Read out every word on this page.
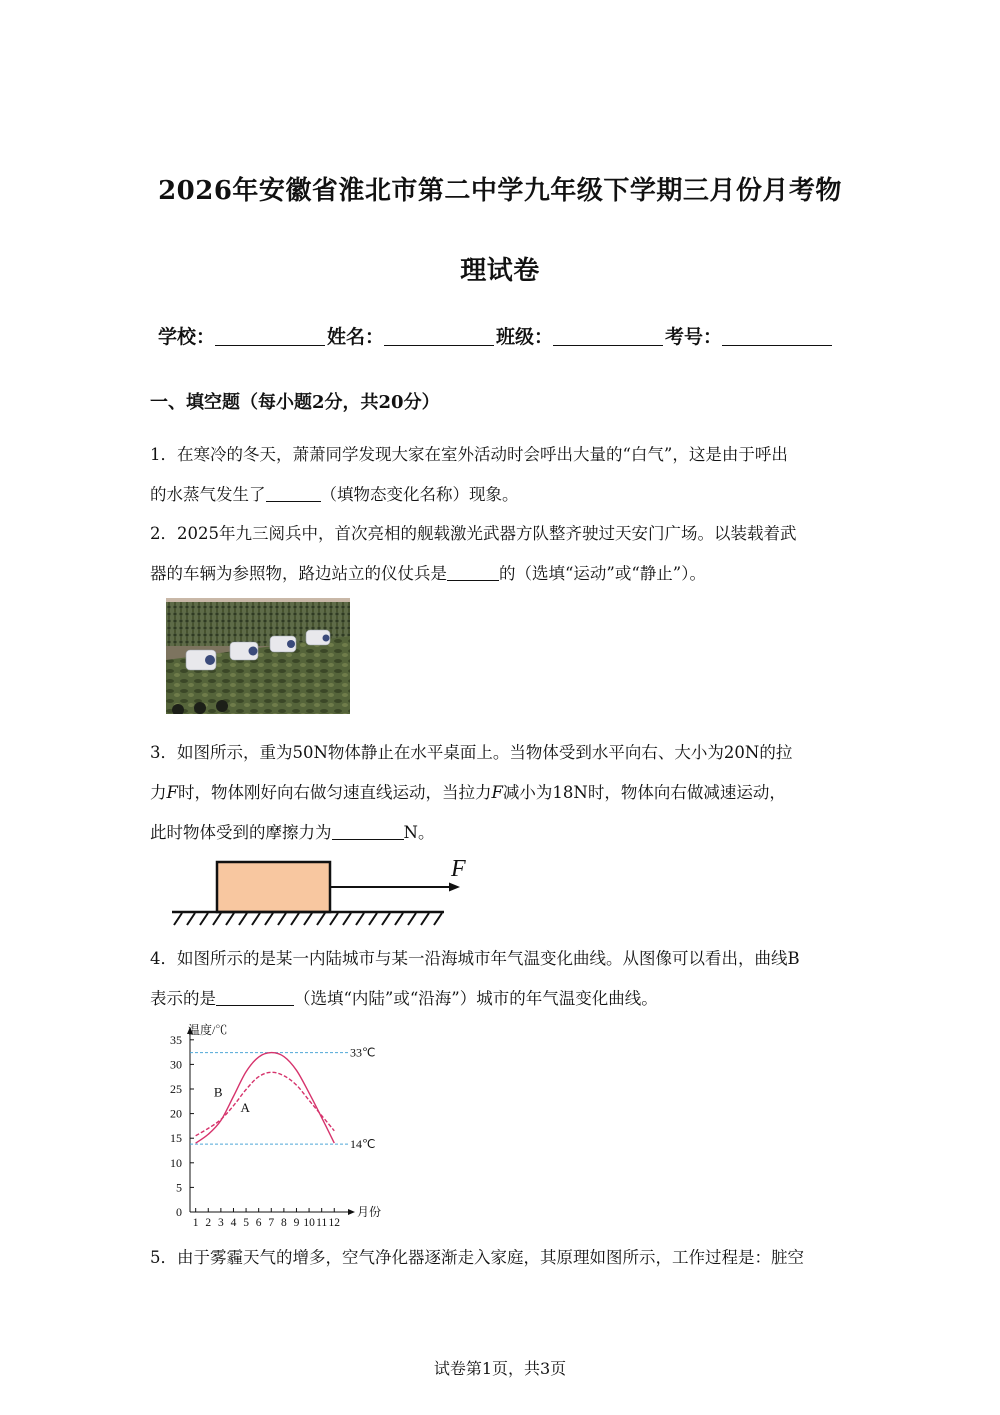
2026年安徽省淮北市第二中学九年级下学期三月份月考物
理试卷
学校：	姓名：	班级：	考号：
一、填空题（每小题2分，共20分）
1．在寒冷的冬天，萧萧同学发现大家在室外活动时会呼出大量的“白气”，这是由于呼出
的水蒸气发生了	（填物态变化名称）现象。
2．2025年九三阅兵中，首次亮相的舰载激光武器方队整齐驶过天安门广场。以装载着武
器的车辆为参照物，路边站立的仪仗兵是	的（选填“运动”或“静止”）。
3．如图所示，重为50N物体静止在水平桌面上。当物体受到水平向右、大小为20N的拉
力F时，物体刚好向右做匀速直线运动，当拉力F减小为18N时，物体向右做减速运动，
此时物体受到的摩擦力为	N。
F
4．如图所示的是某一内陆城市与某一沿海城市年气温变化曲线。从图像可以看出，曲线B
表示的是	（选填“内陆”或“沿海”）城市的年气温变化曲线。
0
5
10
15
20
25
30
35
1 2 3 4 5 6 7 8 9 10 11 12
温度/℃
月份
33℃
14℃
B
A
5．由于雾霾天气的增多，空气净化器逐渐走入家庭，其原理如图所示，工作过程是：脏空
试卷第1页，共3页
